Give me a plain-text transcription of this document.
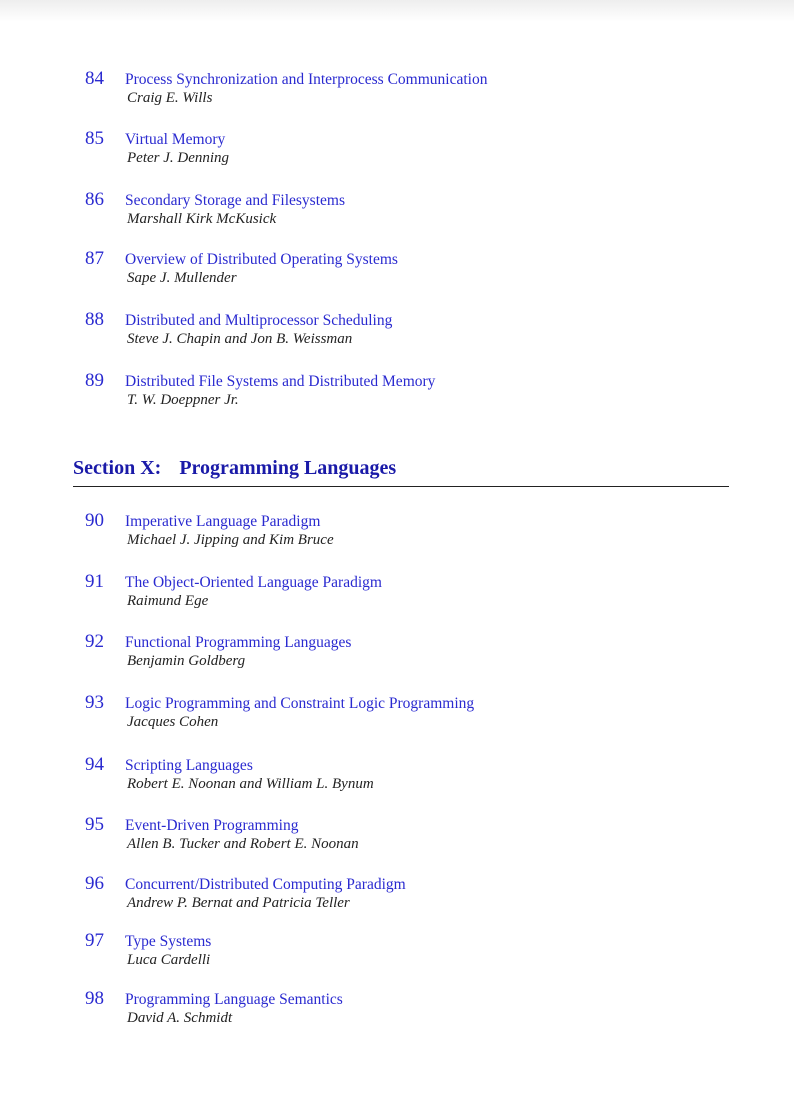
84 Process Synchronization and Interprocess Communication
Craig E. Wills
85 Virtual Memory
Peter J. Denning
86 Secondary Storage and Filesystems
Marshall Kirk McKusick
87 Overview of Distributed Operating Systems
Sape J. Mullender
88 Distributed and Multiprocessor Scheduling
Steve J. Chapin and Jon B. Weissman
89 Distributed File Systems and Distributed Memory
T. W. Doeppner Jr.
Section X: Programming Languages
90 Imperative Language Paradigm
Michael J. Jipping and Kim Bruce
91 The Object-Oriented Language Paradigm
Raimund Ege
92 Functional Programming Languages
Benjamin Goldberg
93 Logic Programming and Constraint Logic Programming
Jacques Cohen
94 Scripting Languages
Robert E. Noonan and William L. Bynum
95 Event-Driven Programming
Allen B. Tucker and Robert E. Noonan
96 Concurrent/Distributed Computing Paradigm
Andrew P. Bernat and Patricia Teller
97 Type Systems
Luca Cardelli
98 Programming Language Semantics
David A. Schmidt
